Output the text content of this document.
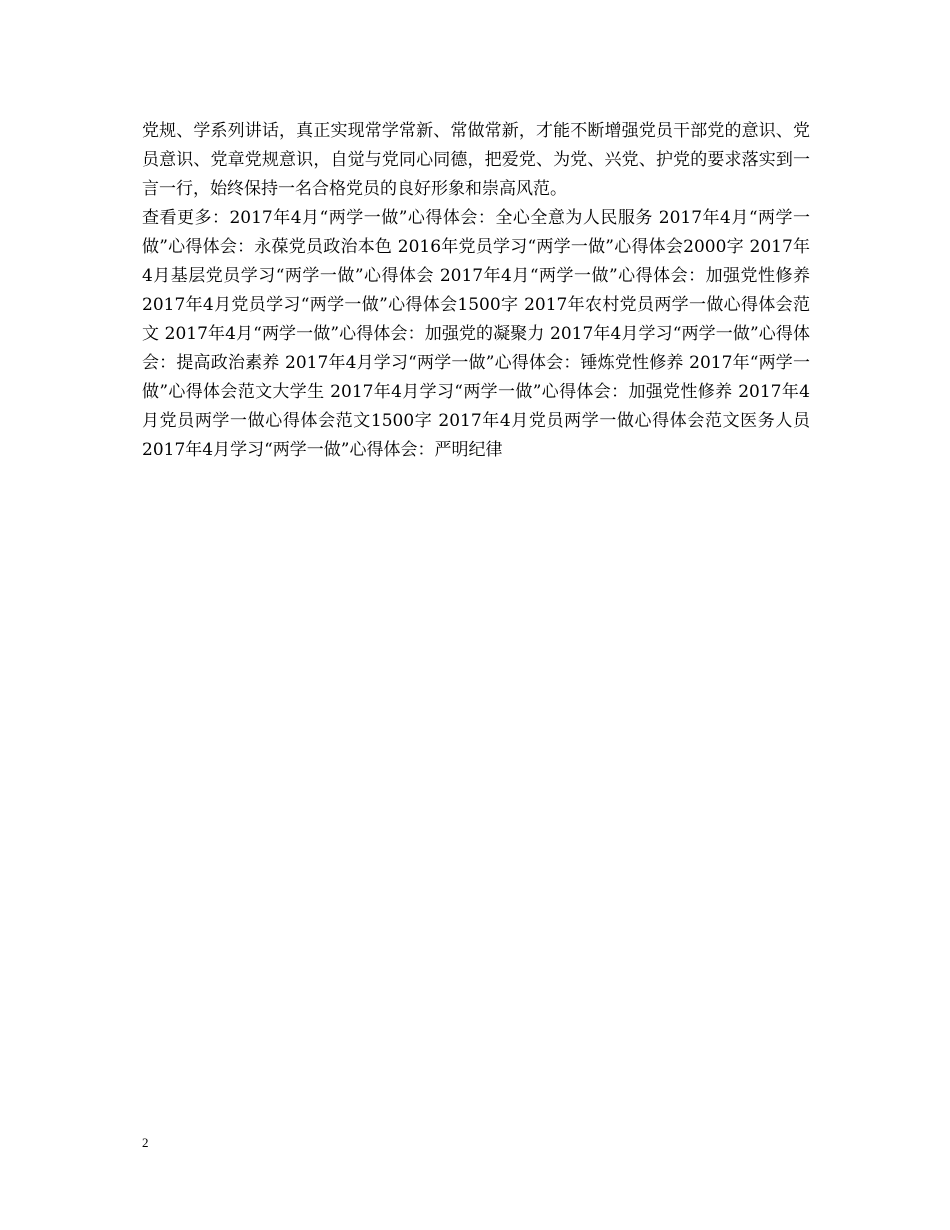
党规、学系列讲话，真正实现常学常新、常做常新，才能不断增强党员干部党的意识、党员意识、党章党规意识，自觉与党同心同德，把爱党、为党、兴党、护党的要求落实到一言一行，始终保持一名合格党员的良好形象和崇高风范。

查看更多：2017年4月“两学一做”心得体会：全心全意为人民服务 2017年4月“两学一做”心得体会：永葆党员政治本色 2016年党员学习“两学一做”心得体会2000字 2017年4月基层党员学习“两学一做”心得体会 2017年4月“两学一做”心得体会：加强党性修养 2017年4月党员学习“两学一做”心得体会1500字 2017年农村党员两学一做心得体会范文 2017年4月“两学一做”心得体会：加强党的凝聚力 2017年4月学习“两学一做”心得体会：提高政治素养 2017年4月学习“两学一做”心得体会：锤炼党性修养 2017年“两学一做”心得体会范文大学生 2017年4月学习“两学一做”心得体会：加强党性修养 2017年4月党员两学一做心得体会范文1500字 2017年4月党员两学一做心得体会范文医务人员 2017年4月学习“两学一做”心得体会：严明纪律

2
